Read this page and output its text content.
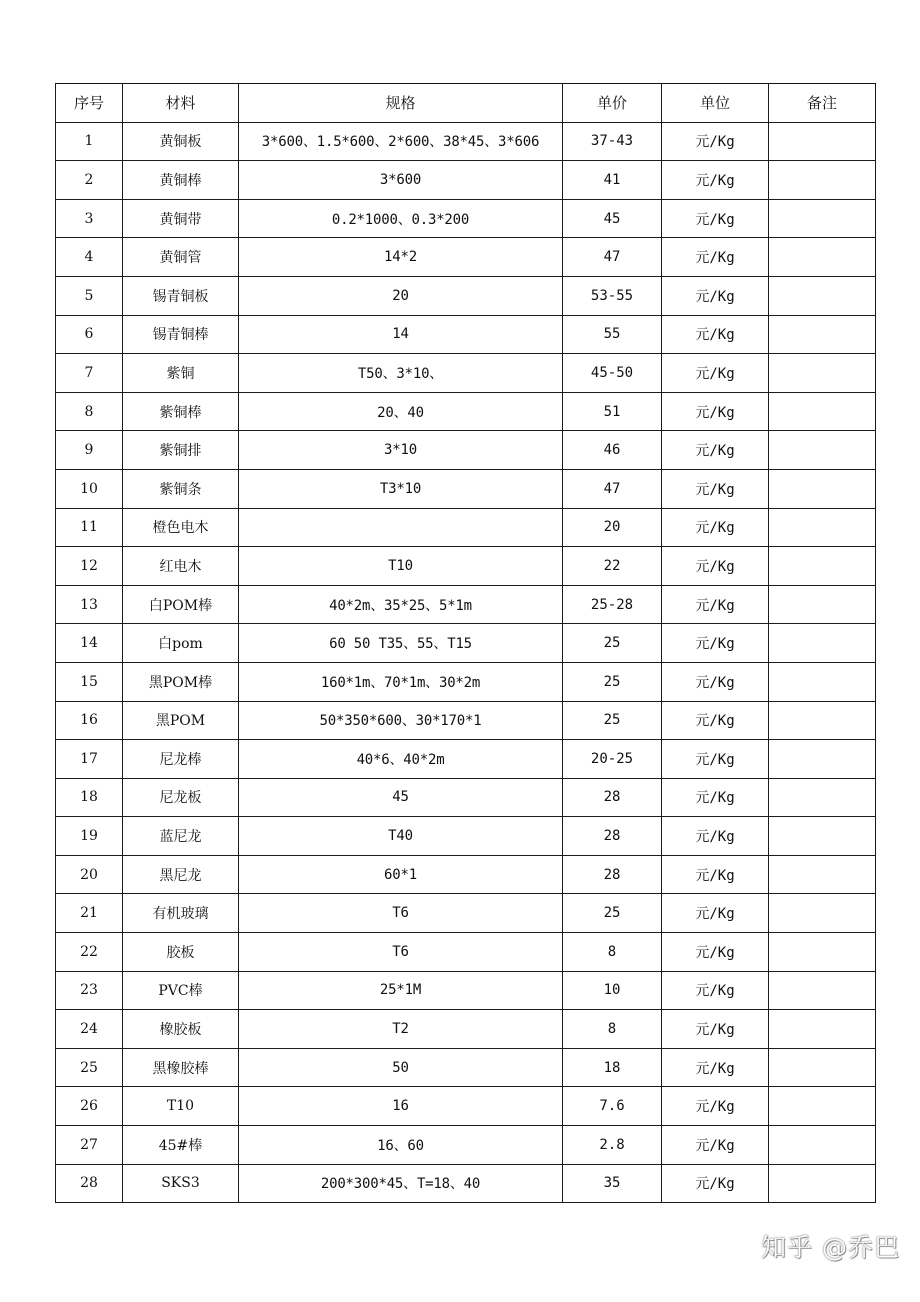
序号	材料	规格	单价	单位	备注
1	黄铜板	3*600、1.5*600、2*600、38*45、3*606	37-43	元/Kg	
2	黄铜棒	3*600	41	元/Kg	
3	黄铜带	0.2*1000、0.3*200	45	元/Kg	
4	黄铜管	14*2	47	元/Kg	
5	锡青铜板	20	53-55	元/Kg	
6	锡青铜棒	14	55	元/Kg	
7	紫铜	T50、3*10、	45-50	元/Kg	
8	紫铜棒	20、40	51	元/Kg	
9	紫铜排	3*10	46	元/Kg	
10	紫铜条	T3*10	47	元/Kg	
11	橙色电木		20	元/Kg	
12	红电木	T10	22	元/Kg	
13	白POM棒	40*2m、35*25、5*1m	25-28	元/Kg	
14	白pom	60 50 T35、55、T15	25	元/Kg	
15	黑POM棒	160*1m、70*1m、30*2m	25	元/Kg	
16	黑POM	50*350*600、30*170*1	25	元/Kg	
17	尼龙棒	40*6、40*2m	20-25	元/Kg	
18	尼龙板	45	28	元/Kg	
19	蓝尼龙	T40	28	元/Kg	
20	黑尼龙	60*1	28	元/Kg	
21	有机玻璃	T6	25	元/Kg	
22	胶板	T6	8	元/Kg	
23	PVC棒	25*1M	10	元/Kg	
24	橡胶板	T2	8	元/Kg	
25	黑橡胶棒	50	18	元/Kg	
26	T10	16	7.6	元/Kg	
27	45#棒	16、60	2.8	元/Kg	
28	SKS3	200*300*45、T=18、40	35	元/Kg	
知乎 @乔巴
